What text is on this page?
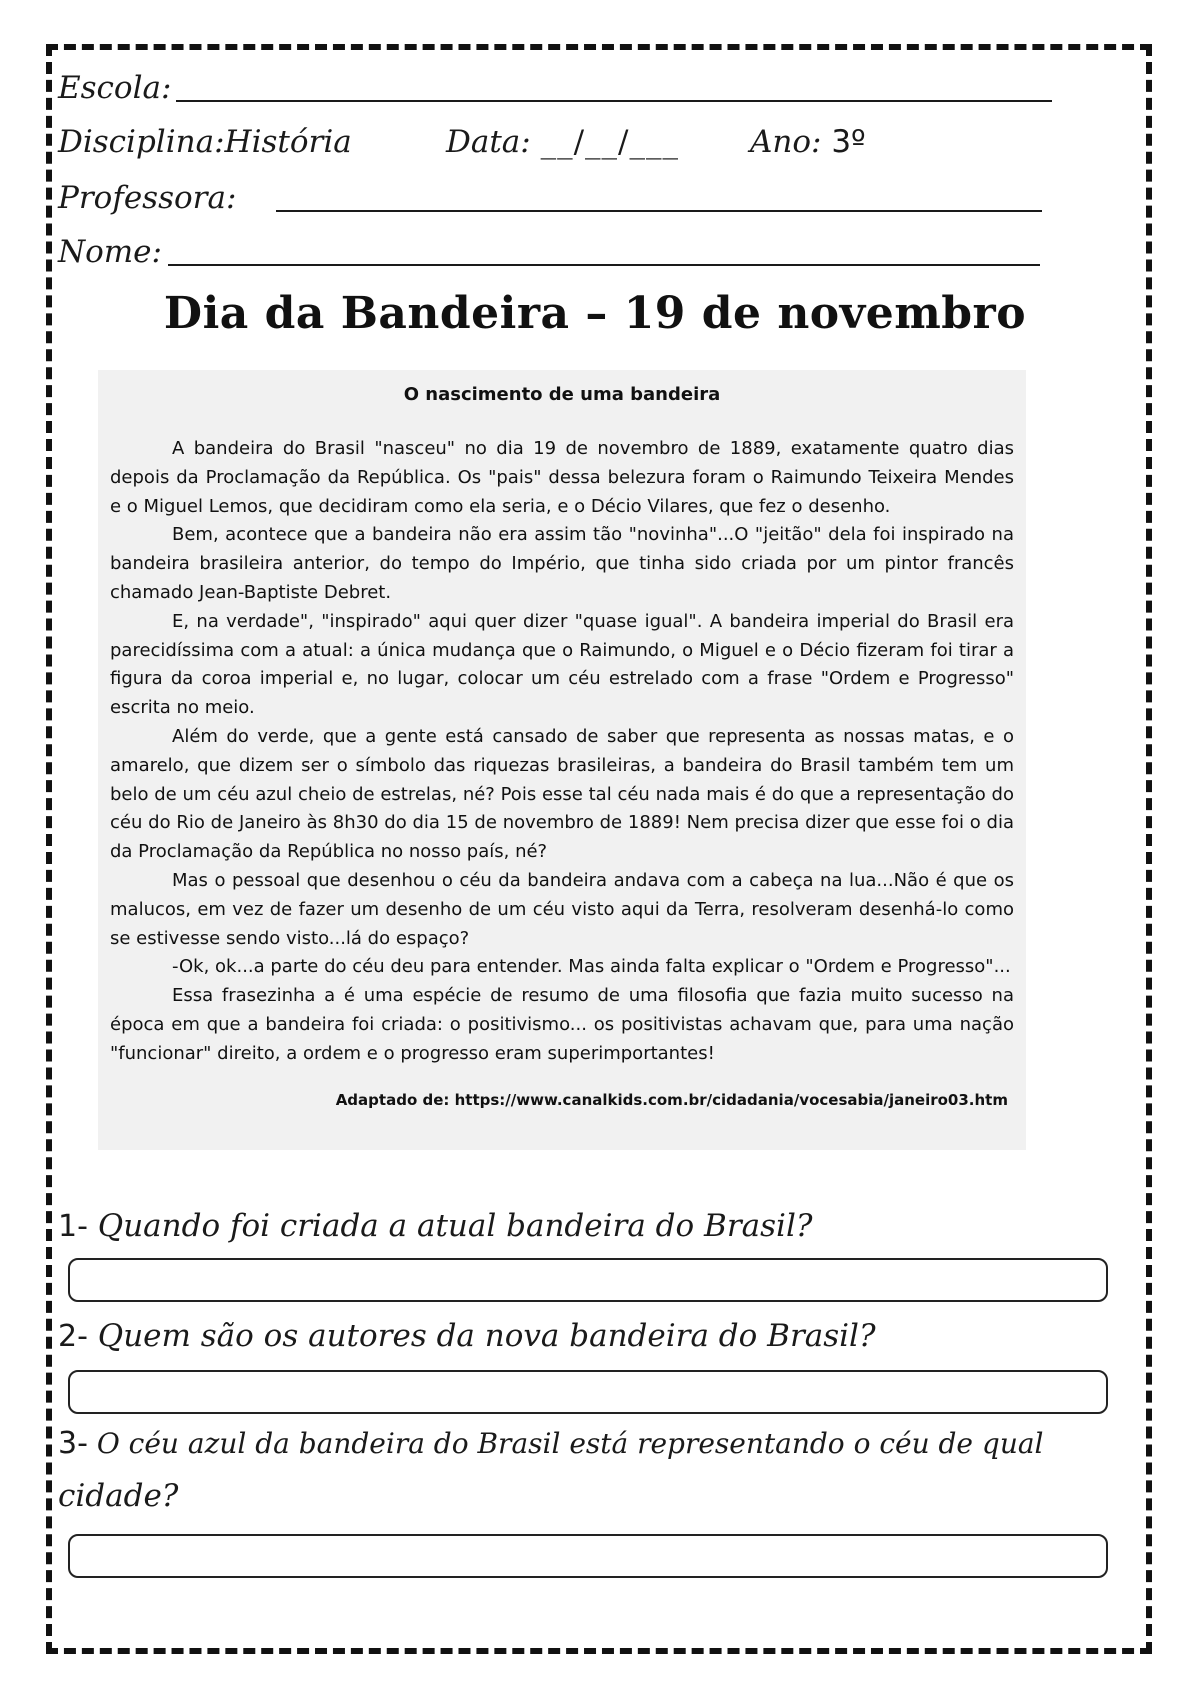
Escola:
Disciplina:História	Data: __/__/___ Ano: 3º
Professora:
Nome:
Dia da Bandeira – 19 de novembro
O nascimento de uma bandeira

A bandeira do Brasil "nasceu" no dia 19 de novembro de 1889, exatamente quatro dias depois da Proclamação da República. Os "pais" dessa belezura foram o Raimundo Teixeira Mendes e o Miguel Lemos, que decidiram como ela seria, e o Décio Vilares, que fez o desenho.

Bem, acontece que a bandeira não era assim tão "novinha"...O "jeitão" dela foi inspirado na bandeira brasileira anterior, do tempo do Império, que tinha sido criada por um pintor francês chamado Jean-Baptiste Debret.

E, na verdade", "inspirado" aqui quer dizer "quase igual". A bandeira imperial do Brasil era parecidíssima com a atual: a única mudança que o Raimundo, o Miguel e o Décio fizeram foi tirar a figura da coroa imperial e, no lugar, colocar um céu estrelado com a frase "Ordem e Progresso" escrita no meio.

Além do verde, que a gente está cansado de saber que representa as nossas matas, e o amarelo, que dizem ser o símbolo das riquezas brasileiras, a bandeira do Brasil também tem um belo de um céu azul cheio de estrelas, né? Pois esse tal céu nada mais é do que a representação do céu do Rio de Janeiro às 8h30 do dia 15 de novembro de 1889! Nem precisa dizer que esse foi o dia da Proclamação da República no nosso país, né?

Mas o pessoal que desenhou o céu da bandeira andava com a cabeça na lua...Não é que os malucos, em vez de fazer um desenho de um céu visto aqui da Terra, resolveram desenhá-lo como se estivesse sendo visto...lá do espaço?

-Ok, ok...a parte do céu deu para entender. Mas ainda falta explicar o "Ordem e Progresso"...

Essa frasezinha a é uma espécie de resumo de uma filosofia que fazia muito sucesso na época em que a bandeira foi criada: o positivismo... os positivistas achavam que, para uma nação "funcionar" direito, a ordem e o progresso eram superimportantes!

Adaptado de: https://www.canalkids.com.br/cidadania/vocesabia/janeiro03.htm
1- Quando foi criada a atual bandeira do Brasil?
2- Quem são os autores da nova bandeira do Brasil?
3- O céu azul da bandeira do Brasil está representando o céu de qual
cidade?
